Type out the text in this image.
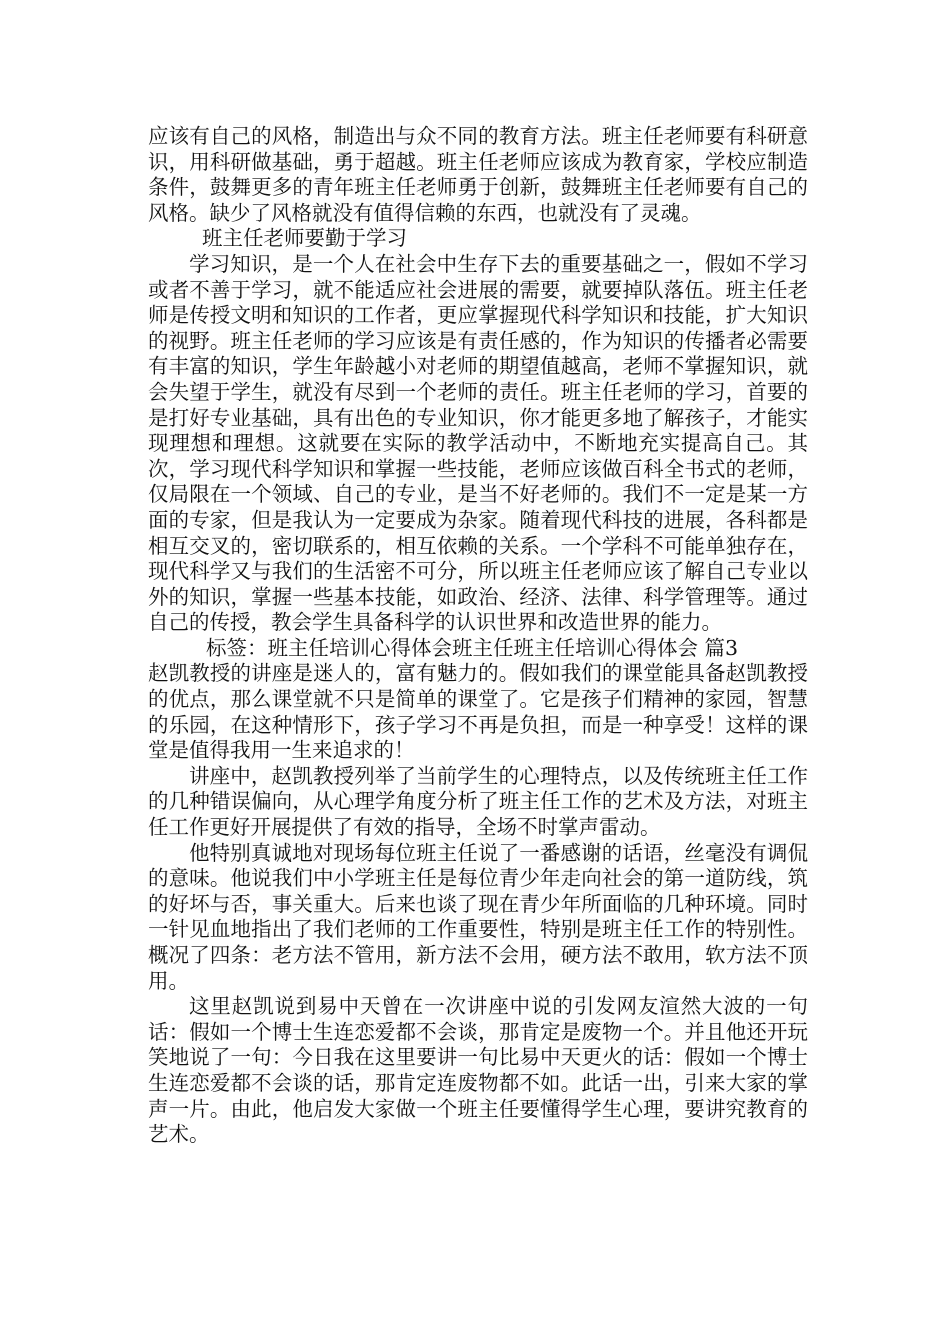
应该有自己的风格，制造出与众不同的教育方法。班主任老师要有科研意识，用科研做基础，勇于超越。班主任老师应该成为教育家，学校应制造条件，鼓舞更多的青年班主任老师勇于创新，鼓舞班主任老师要有自己的风格。缺少了风格就没有值得信赖的东西，也就没有了灵魂。

班主任老师要勤于学习

学习知识，是一个人在社会中生存下去的重要基础之一，假如不学习或者不善于学习，就不能适应社会进展的需要，就要掉队落伍。班主任老师是传授文明和知识的工作者，更应掌握现代科学知识和技能，扩大知识的视野。班主任老师的学习应该是有责任感的，作为知识的传播者必需要有丰富的知识，学生年龄越小对老师的期望值越高，老师不掌握知识，就会失望于学生，就没有尽到一个老师的责任。班主任老师的学习，首要的是打好专业基础，具有出色的专业知识，你才能更多地了解孩子，才能实现理想和理想。这就要在实际的教学活动中，不断地充实提高自己。其次，学习现代科学知识和掌握一些技能，老师应该做百科全书式的老师，仅局限在一个领域、自己的专业，是当不好老师的。我们不一定是某一方面的专家，但是我认为一定要成为杂家。随着现代科技的进展，各科都是相互交叉的，密切联系的，相互依赖的关系。一个学科不可能单独存在，现代科学又与我们的生活密不可分，所以班主任老师应该了解自己专业以外的知识，掌握一些基本技能，如政治、经济、法律、科学管理等。通过自己的传授，教会学生具备科学的认识世界和改造世界的能力。

标签：班主任培训心得体会班主任班主任培训心得体会 篇3

赵凯教授的讲座是迷人的，富有魅力的。假如我们的课堂能具备赵凯教授的优点，那么课堂就不只是简单的课堂了。它是孩子们精神的家园，智慧的乐园，在这种情形下，孩子学习不再是负担，而是一种享受！这样的课堂是值得我用一生来追求的！

讲座中，赵凯教授列举了当前学生的心理特点，以及传统班主任工作的几种错误偏向，从心理学角度分析了班主任工作的艺术及方法，对班主任工作更好开展提供了有效的指导，全场不时掌声雷动。

他特别真诚地对现场每位班主任说了一番感谢的话语，丝毫没有调侃的意味。他说我们中小学班主任是每位青少年走向社会的第一道防线，筑的好坏与否，事关重大。后来也谈了现在青少年所面临的几种环境。同时一针见血地指出了我们老师的工作重要性，特别是班主任工作的特别性。概况了四条：老方法不管用，新方法不会用，硬方法不敢用，软方法不顶用。

这里赵凯说到易中天曾在一次讲座中说的引发网友渲然大波的一句话：假如一个博士生连恋爱都不会谈，那肯定是废物一个。并且他还开玩笑地说了一句：今日我在这里要讲一句比易中天更火的话：假如一个博士生连恋爱都不会谈的话，那肯定连废物都不如。此话一出，引来大家的掌声一片。由此，他启发大家做一个班主任要懂得学生心理，要讲究教育的艺术。
